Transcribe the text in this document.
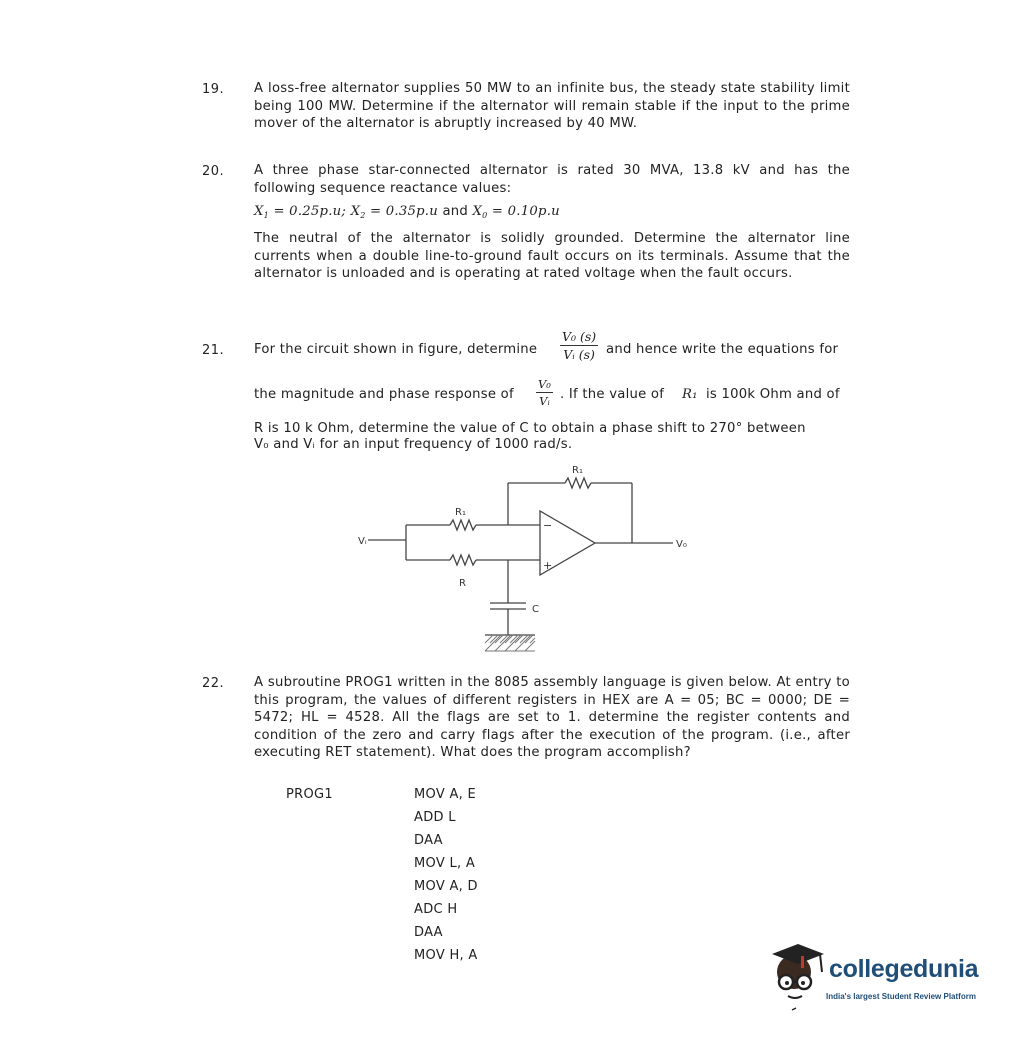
19. A loss-free alternator supplies 50 MW to an infinite bus, the steady state stability limit being 100 MW. Determine if the alternator will remain stable if the input to the prime mover of the alternator is abruptly increased by 40 MW.
20. A three phase star-connected alternator is rated 30 MVA, 13.8 kV and has the following sequence reactance values:
$X_1 = 0.25p.u$; $X_2 = 0.35p.u$ and $X_0 = 0.10p.u$
The neutral of the alternator is solidly grounded. Determine the alternator line currents when a double line-to-ground fault occurs on its terminals. Assume that the alternator is unloaded and is operating at rated voltage when the fault occurs.
21. For the circuit shown in figure, determine $\frac{\text{V₀ (s)}}{\text{Vᵢ (s)}}$ and hence write the equations for
the magnitude and phase response of $\frac{\text{V₀}}{\text{Vᵢ}}$ . If the value of R₁ is 100k Ohm and of
R is 10 k Ohm, determine the value of C to obtain a phase shift to 270° between
V₀ and Vᵢ for an input frequency of 1000 rad/s.
Vᵢ	V₀
R₁
R₁
R
C
−
+
22. A subroutine PROG1 written in the 8085 assembly language is given below. At entry to this program, the values of different registers in HEX are A = 05; BC = 0000; DE = 5472; HL = 4528. All the flags are set to 1. determine the register contents and condition of the zero and carry flags after the execution of the program. (i.e., after executing RET statement). What does the program accomplish?
PROG1	MOV A, E
ADD L
DAA
MOV L, A
MOV A, D
ADC H
DAA
MOV H, A	collegedunia
India's largest Student Review Platform
